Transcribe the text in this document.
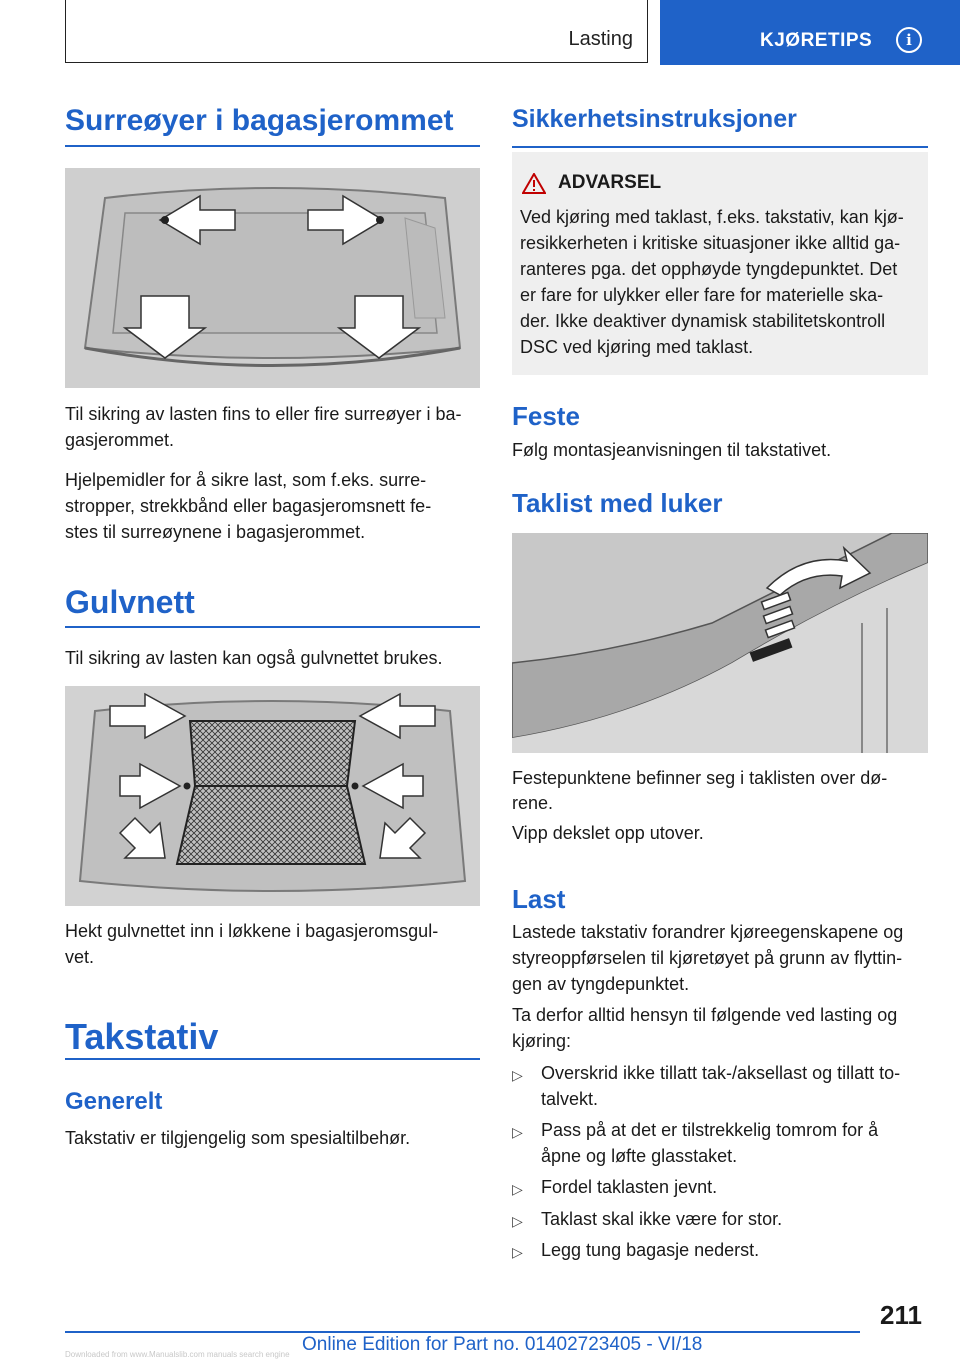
Lasting	KJØRETIPS	i
Surreøyer i bagasjerommet
Til sikring av lasten fins to eller fire surreøyer i ba-
gasjerommet.
Hjelpemidler for å sikre last, som f.eks. surre-
stropper, strekkbånd eller bagasjeromsnett fe-
stes til surreøynene i bagasjerommet.
Gulvnett
Til sikring av lasten kan også gulvnettet brukes.
Hekt gulvnettet inn i løkkene i bagasjeromsgul-
vet.
Takstativ
Generelt
Takstativ er tilgjengelig som spesialtilbehør.
Sikkerhetsinstruksjoner
ADVARSEL
Ved kjøring med taklast, f.eks. takstativ, kan kjø-
resikkerheten i kritiske situasjoner ikke alltid ga-
ranteres pga. det opphøyde tyngdepunktet. Det
er fare for ulykker eller fare for materielle ska-
der. Ikke deaktiver dynamisk stabilitetskontroll
DSC ved kjøring med taklast.
Feste
Følg montasjeanvisningen til takstativet.
Taklist med luker
Festepunktene befinner seg i taklisten over dø-
rene.
Vipp dekslet opp utover.
Last
Lastede takstativ forandrer kjøreegenskapene og
styreoppførselen til kjøretøyet på grunn av flyttin-
gen av tyngdepunktet.
Ta derfor alltid hensyn til følgende ved lasting og
kjøring:
▷ Overskrid ikke tillatt tak-/aksellast og tillatt to-
talvekt.
▷ Pass på at det er tilstrekkelig tomrom for å
åpne og løfte glasstaket.
▷ Fordel taklasten jevnt.
▷ Taklast skal ikke være for stor.
▷ Legg tung bagasje nederst.
211
Online Edition for Part no. 01402723405 - VI/18
Downloaded from www.Manualslib.com manuals search engine
